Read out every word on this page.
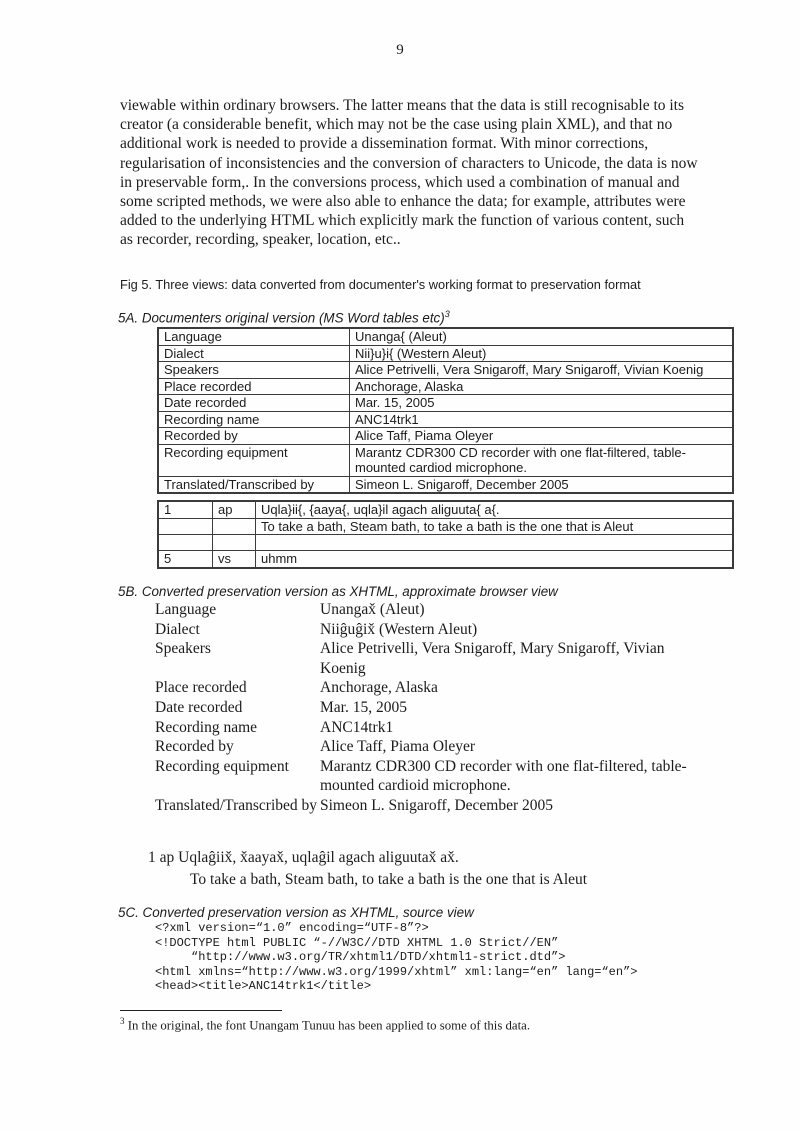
9
viewable within ordinary browsers. The latter means that the data is still recognisable to its creator (a considerable benefit, which may not be the case using plain XML), and that no additional work is needed to provide a dissemination format. With minor corrections, regularisation of inconsistencies and the conversion of characters to Unicode, the data is now in preservable form,. In the conversions process, which used a combination of manual and some scripted methods, we were also able to enhance the data; for example, attributes were added to the underlying HTML which explicitly mark the function of various content, such as recorder, recording, speaker, location, etc..
Fig 5. Three views: data converted from documenter's working format to preservation format
5A. Documenters original version (MS Word tables etc)$^3$
Language	Unanga{ (Aleut)
Dialect	Nii}u}i{ (Western Aleut)
Speakers	Alice Petrivelli, Vera Snigaroff, Mary Snigaroff, Vivian Koenig
Place recorded	Anchorage, Alaska
Date recorded	Mar. 15, 2005
Recording name	ANC14trk1
Recorded by	Alice Taff, Piama Oleyer
Recording equipment	Marantz CDR300 CD recorder with one flat-filtered, table-mounted cardiod microphone.
Translated/Transcribed by	Simeon L. Snigaroff, December 2005
1	ap	Uqla}ii{, {aaya{, uqla}il agach aliguuta{ a{.
		To take a bath, Steam bath, to take a bath is the one that is Aleut

5	vs	uhmm
5B. Converted preservation version as XHTML, approximate browser view
Language	Unangax̌ (Aleut)
Dialect	Niiĝuĝix̌ (Western Aleut)
Speakers	Alice Petrivelli, Vera Snigaroff, Mary Snigaroff, Vivian Koenig
Place recorded	Anchorage, Alaska
Date recorded	Mar. 15, 2005
Recording name	ANC14trk1
Recorded by	Alice Taff, Piama Oleyer
Recording equipment	Marantz CDR300 CD recorder with one flat-filtered, table-mounted cardioid microphone.
Translated/Transcribed by Simeon L. Snigaroff, December 2005
1 ap Uqlaĝiix̌, x̌aayax̌, uqlaĝil agach aliguutax̌ ax̌.
To take a bath, Steam bath, to take a bath is the one that is Aleut
5C. Converted preservation version as XHTML, source view
<?xml version=“1.0” encoding=“UTF-8”?>
<!DOCTYPE html PUBLIC “-//W3C//DTD XHTML 1.0 Strict//EN”
“http://www.w3.org/TR/xhtml1/DTD/xhtml1-strict.dtd”>
<html xmlns=“http://www.w3.org/1999/xhtml” xml:lang=“en” lang=“en”>
<head><title>ANC14trk1</title>
$^3$ In the original, the font Unangam Tunuu has been applied to some of this data.
